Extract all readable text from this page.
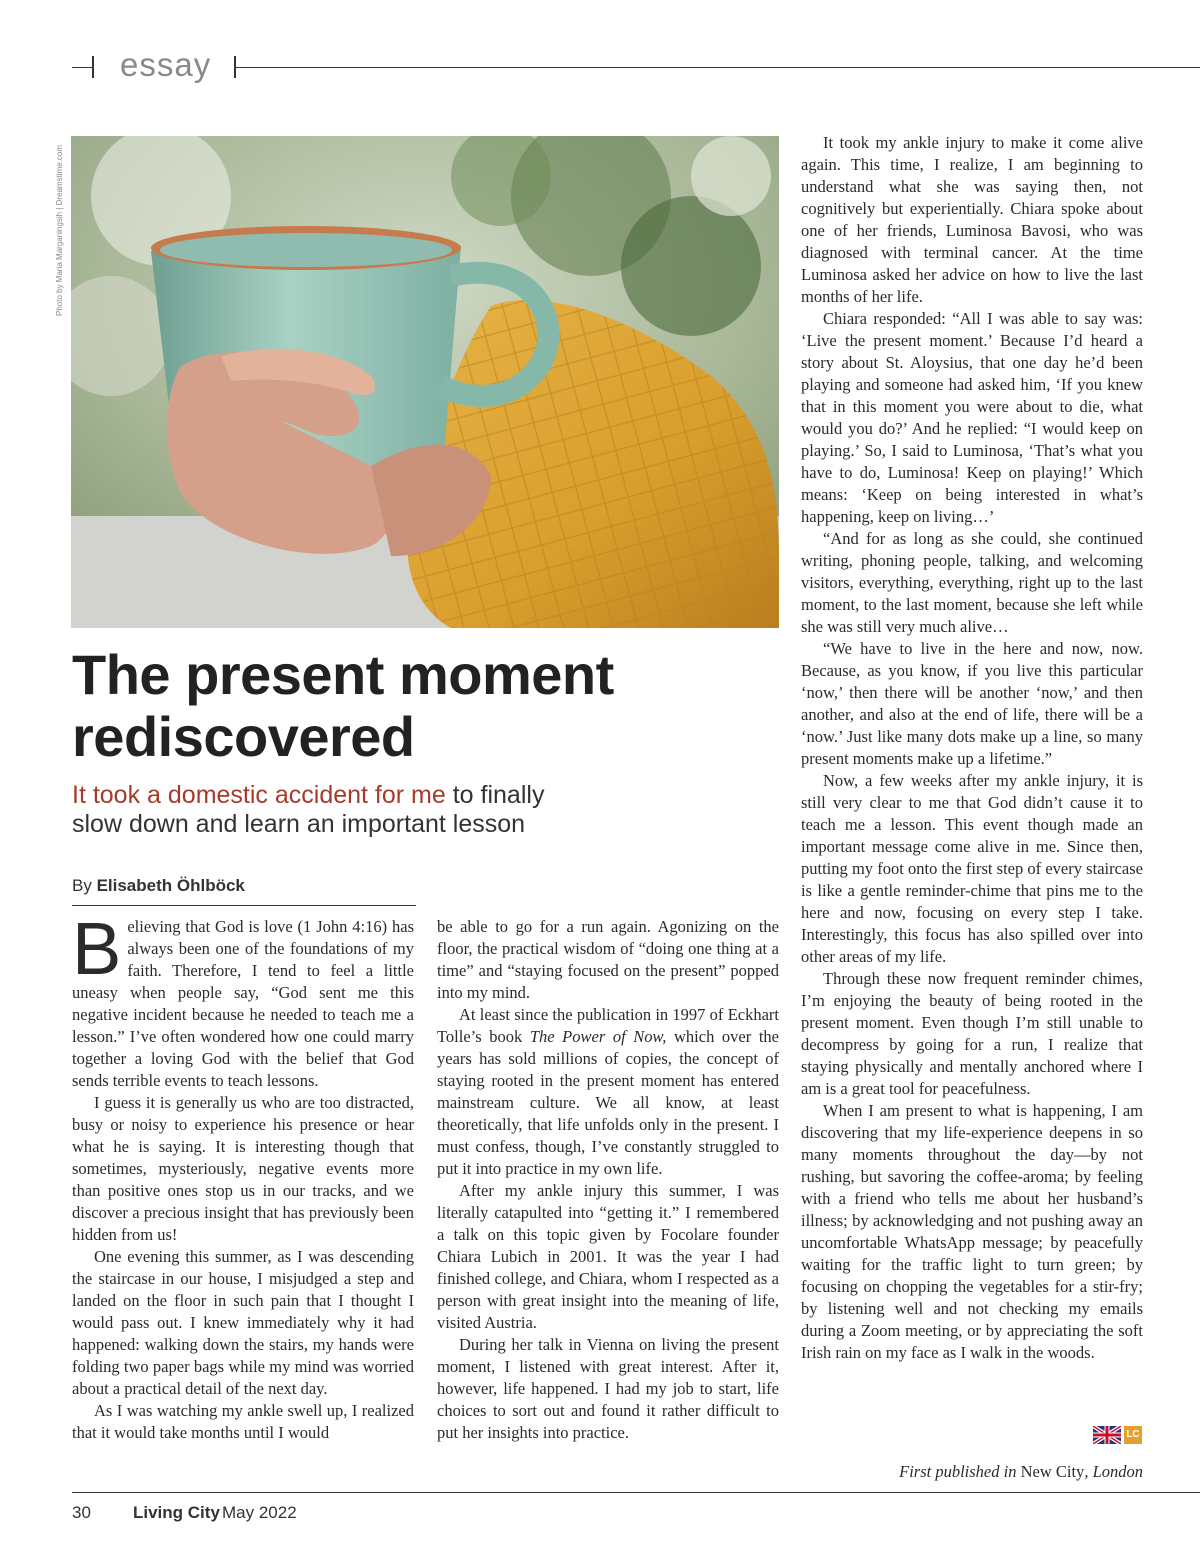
essay
Photo by Maria Marganingsih | Dreamstime.com
The present moment
rediscovered
It took a domestic accident for me to finally
slow down and learn an important lesson
By Elisabeth Öhlböck

Believing that God is love (1 John 4:16) has always been one of the foundations of my faith. Therefore, I tend to feel a little uneasy when people say, “God sent me this negative incident because he needed to teach me a lesson.” I’ve often wondered how one could marry together a loving God with the belief that God sends terrible events to teach lessons.

I guess it is generally us who are too distracted, busy or noisy to experience his presence or hear what he is saying. It is interesting though that sometimes, mysteriously, negative events more than positive ones stop us in our tracks, and we discover a precious insight that has previously been hidden from us!

One evening this summer, as I was descending the staircase in our house, I misjudged a step and landed on the floor in such pain that I thought I would pass out. I knew immediately why it had happened: walking down the stairs, my hands were folding two paper bags while my mind was worried about a practical detail of the next day.

As I was watching my ankle swell up, I realized that it would take months until I would

be able to go for a run again. Agonizing on the floor, the practical wisdom of “doing one thing at a time” and “staying focused on the present” popped into my mind.

At least since the publication in 1997 of Eckhart Tolle’s book The Power of Now, which over the years has sold millions of copies, the concept of staying rooted in the present moment has entered mainstream culture. We all know, at least theoretically, that life unfolds only in the present. I must confess, though, I’ve constantly struggled to put it into practice in my own life.

After my ankle injury this summer, I was literally catapulted into “getting it.” I remembered a talk on this topic given by Focolare founder Chiara Lubich in 2001. It was the year I had finished college, and Chiara, whom I respected as a person with great insight into the meaning of life, visited Austria.

During her talk in Vienna on living the present moment, I listened with great interest. After it, however, life happened. I had my job to start, life choices to sort out and found it rather difficult to put her insights into practice.

It took my ankle injury to make it come alive again. This time, I realize, I am beginning to understand what she was saying then, not cognitively but experientially. Chiara spoke about one of her friends, Luminosa Bavosi, who was diagnosed with terminal cancer. At the time Luminosa asked her advice on how to live the last months of her life.

Chiara responded: “All I was able to say was: ‘Live the present moment.’ Because I’d heard a story about St. Aloysius, that one day he’d been playing and someone had asked him, ‘If you knew that in this moment you were about to die, what would you do?’ And he replied: “I would keep on playing.’ So, I said to Luminosa, ‘That’s what you have to do, Luminosa! Keep on playing!’ Which means: ‘Keep on being interested in what’s happening, keep on living…’

“And for as long as she could, she continued writing, phoning people, talking, and welcoming visitors, everything, everything, right up to the last moment, to the last moment, because she left while she was still very much alive…

“We have to live in the here and now, now. Because, as you know, if you live this particular ‘now,’ then there will be another ‘now,’ and then another, and also at the end of life, there will be a ‘now.’ Just like many dots make up a line, so many present moments make up a lifetime.”

Now, a few weeks after my ankle injury, it is still very clear to me that God didn’t cause it to teach me a lesson. This event though made an important message come alive in me. Since then, putting my foot onto the first step of every staircase is like a gentle reminder-chime that pins me to the here and now, focusing on every step I take. Interestingly, this focus has also spilled over into other areas of my life.

Through these now frequent reminder chimes, I’m enjoying the beauty of being rooted in the present moment. Even though I’m still unable to decompress by going for a run, I realize that staying physically and mentally anchored where I am is a great tool for peacefulness.

When I am present to what is happening, I am discovering that my life-experience deepens in so many moments throughout the day—by not rushing, but savoring the coffee-aroma; by feeling with a friend who tells me about her husband’s illness; by acknowledging and not pushing away an uncomfortable WhatsApp message; by peacefully waiting for the traffic light to turn green; by focusing on chopping the vegetables for a stir-fry; by listening well and not checking my emails during a Zoom meeting, or by appreciating the soft Irish rain on my face as I walk in the woods.

LC
First published in New City, London
30 Living City May 2022
